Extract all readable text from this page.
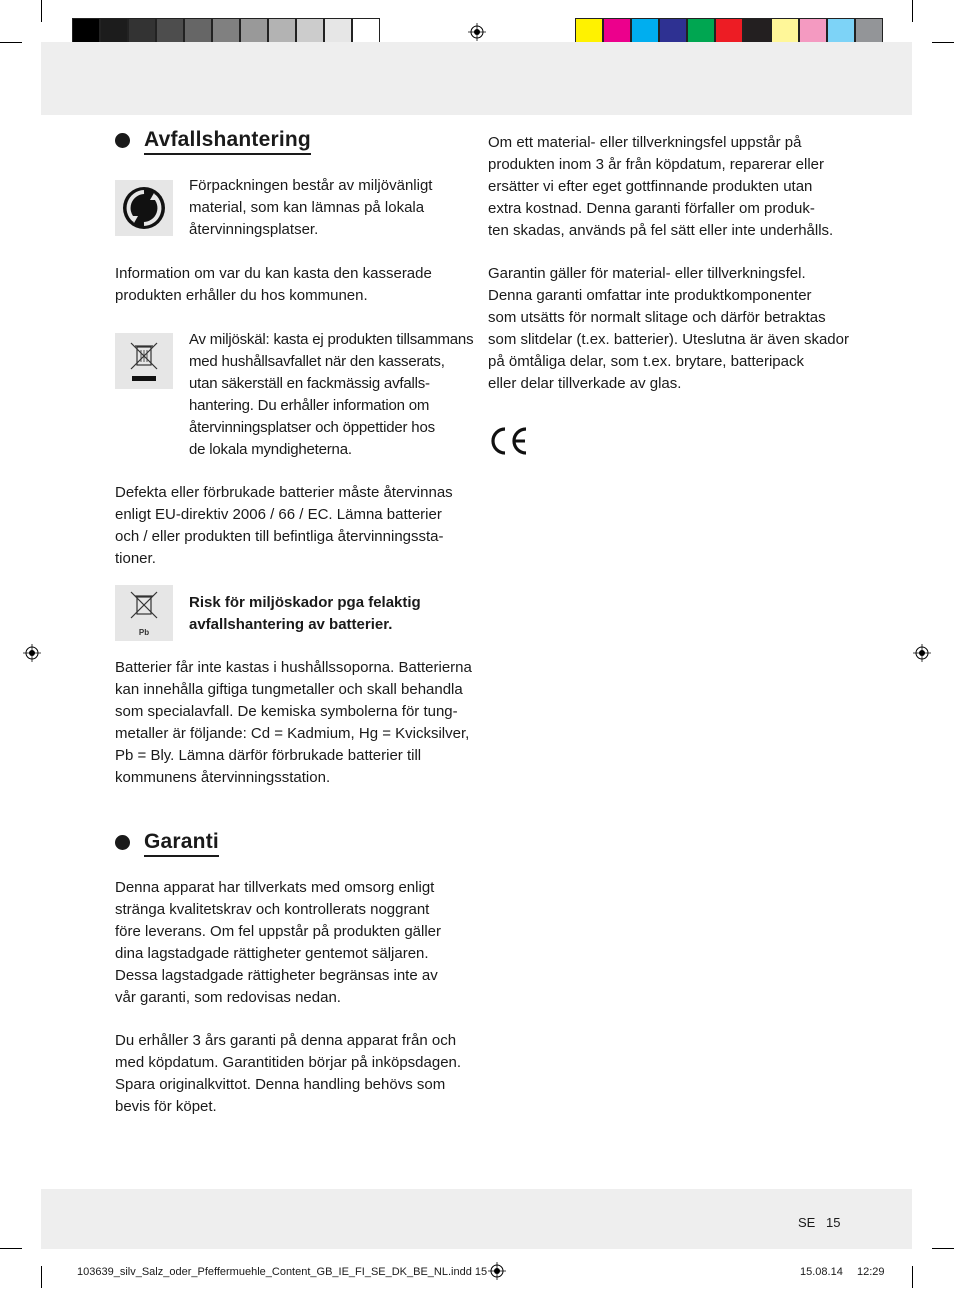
Avfallshantering
Förpackningen består av miljövänligt
material, som kan lämnas på lokala
återvinningsplatser.
Information om var du kan kasta den kasserade
produkten erhåller du hos kommunen.
Av miljöskäl: kasta ej produkten tillsammans
med hushållsavfallet när den kasserats,
utan säkerställ en fackmässig avfalls-
hantering. Du erhåller information om
återvinningsplatser och öppettider hos
de lokala myndigheterna.
Defekta eller förbrukade batterier måste återvinnas
enligt EU-direktiv 2006 / 66 / EC. Lämna batterier
och / eller produkten till befintliga återvinningssta-
tioner.
Pb
Risk för miljöskador pga felaktig
avfallshantering av batterier.
Batterier får inte kastas i hushållssoporna. Batterierna
kan innehålla giftiga tungmetaller och skall behandla
som specialavfall. De kemiska symbolerna för tung-
metaller är följande: Cd = Kadmium, Hg = Kvicksilver,
Pb = Bly. Lämna därför förbrukade batterier till
kommunens återvinningsstation.
Garanti
Denna apparat har tillverkats med omsorg enligt
stränga kvalitetskrav och kontrollerats noggrant
före leverans. Om fel uppstår på produkten gäller
dina lagstadgade rättigheter gentemot säljaren.
Dessa lagstadgade rättigheter begränsas inte av
vår garanti, som redovisas nedan.
Du erhåller 3 års garanti på denna apparat från och
med köpdatum. Garantitiden börjar på inköpsdagen.
Spara originalkvittot. Denna handling behövs som
bevis för köpet.
Om ett material- eller tillverkningsfel uppstår på
produkten inom 3 år från köpdatum, reparerar eller
ersätter vi efter eget gottfinnande produkten utan
extra kostnad. Denna garanti förfaller om produk-
ten skadas, används på fel sätt eller inte underhålls.
Garantin gäller för material- eller tillverkningsfel.
Denna garanti omfattar inte produktkomponenter
som utsätts för normalt slitage och därför betraktas
som slitdelar (t.ex. batterier). Uteslutna är även skador
på ömtåliga delar, som t.ex. brytare, batteripack
eller delar tillverkade av glas.
SE 15
103639_silv_Salz_oder_Pfeffermuehle_Content_GB_IE_FI_SE_DK_BE_NL.indd 15	15.08.14 12:29
